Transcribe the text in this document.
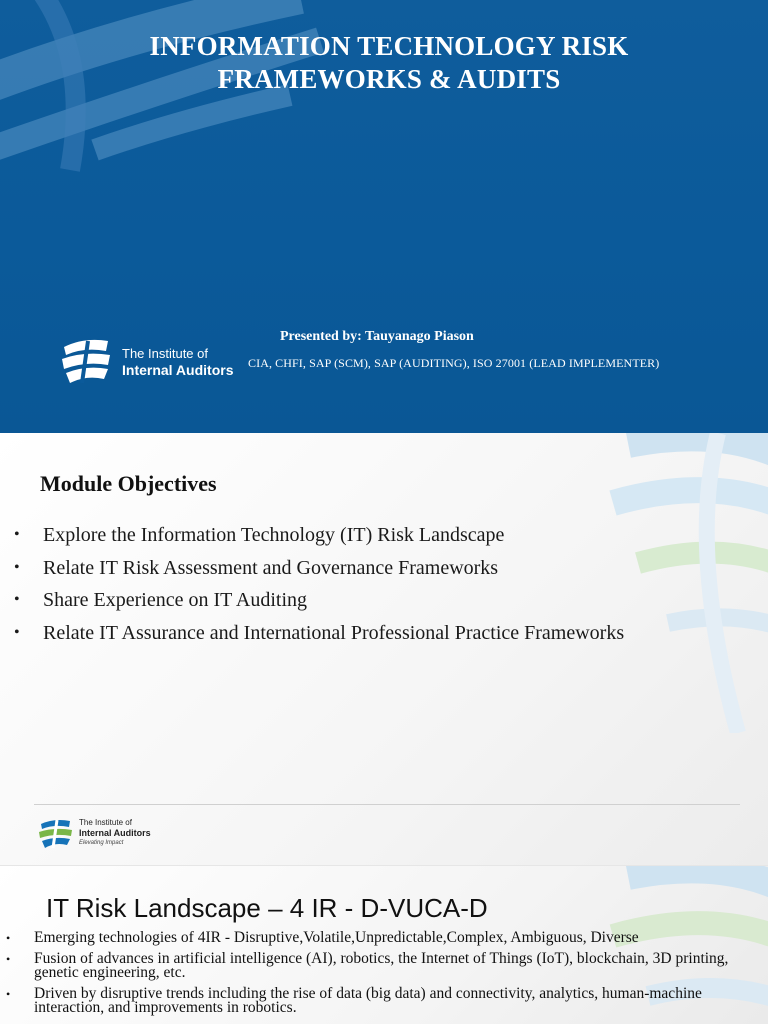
INFORMATION TECHNOLOGY RISK
FRAMEWORKS & AUDITS
The Institute of
Internal Auditors
Presented by: Tauyanago Piason
CIA, CHFI, SAP (SCM), SAP (AUDITING), ISO 27001 (LEAD IMPLEMENTER)
Module Objectives
• Explore the Information Technology (IT) Risk Landscape
• Relate IT Risk Assessment and Governance Frameworks
• Share Experience on IT Auditing
• Relate IT Assurance and International Professional Practice Frameworks
The Institute of
Internal Auditors
Elevating Impact
IT Risk Landscape – 4 IR - D-VUCA-D
• Emerging technologies of 4IR - Disruptive,Volatile,Unpredictable,Complex, Ambiguous, Diverse
• Fusion of advances in artificial intelligence (AI), robotics, the Internet of Things (IoT), blockchain, 3D printing, genetic engineering, etc.
• Driven by disruptive trends including the rise of data (big data) and connectivity, analytics, human-machine interaction, and improvements in robotics.
